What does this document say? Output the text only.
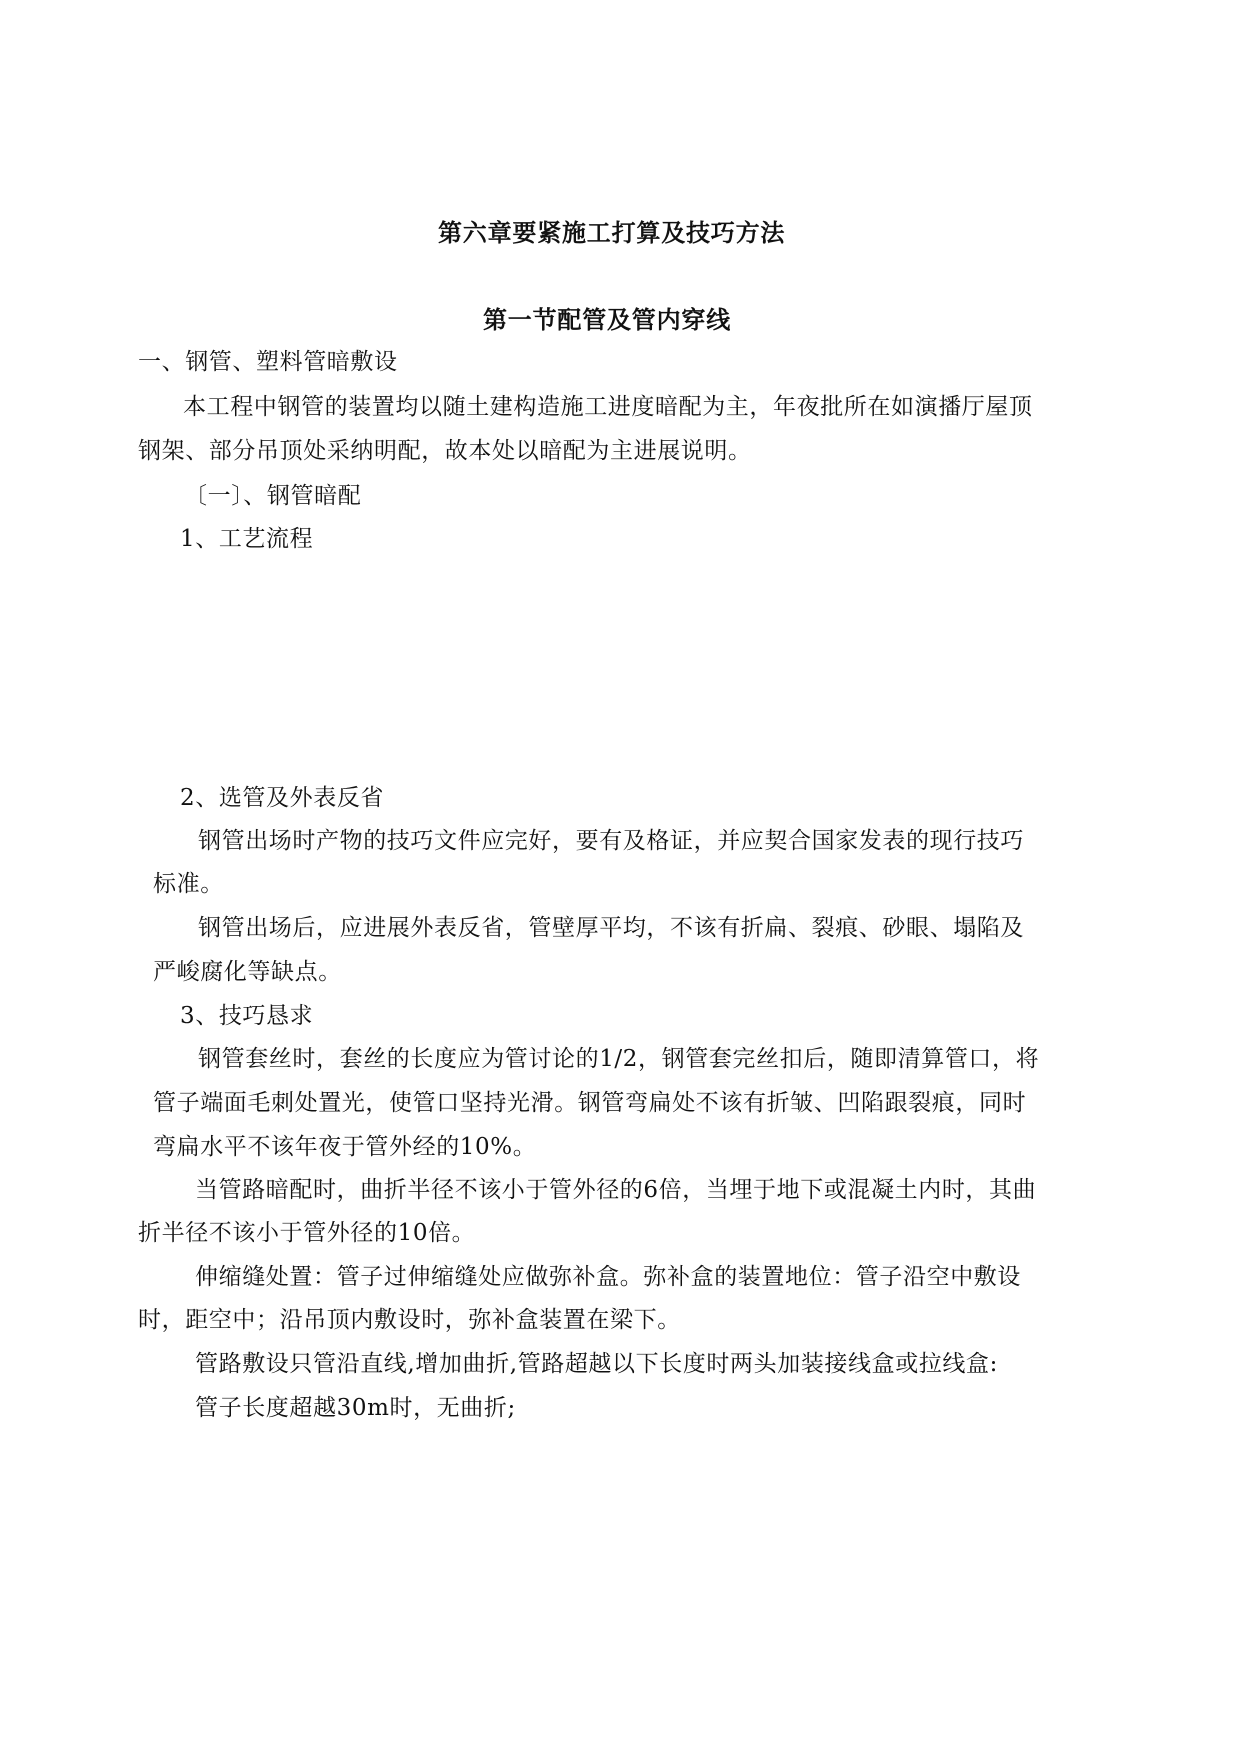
第六章要紧施工打算及技巧方法
第一节配管及管内穿线
一、钢管、塑料管暗敷设
本工程中钢管的装置均以随土建构造施工进度暗配为主，年夜批所在如演播厅屋顶
钢架、部分吊顶处采纳明配，故本处以暗配为主进展说明。
〔一〕、钢管暗配
1、工艺流程
2、选管及外表反省
钢管出场时产物的技巧文件应完好，要有及格证，并应契合国家发表的现行技巧
标准。
钢管出场后，应进展外表反省，管壁厚平均，不该有折扁、裂痕、砂眼、塌陷及
严峻腐化等缺点。
3、技巧恳求
钢管套丝时，套丝的长度应为管讨论的1/2，钢管套完丝扣后，随即清算管口，将
管子端面毛刺处置光，使管口坚持光滑。钢管弯扁处不该有折皱、凹陷跟裂痕，同时
弯扁水平不该年夜于管外经的10%。
当管路暗配时，曲折半径不该小于管外径的6倍，当埋于地下或混凝土内时，其曲
折半径不该小于管外径的10倍。
伸缩缝处置：管子过伸缩缝处应做弥补盒。弥补盒的装置地位：管子沿空中敷设
时，距空中；沿吊顶内敷设时，弥补盒装置在梁下。
管路敷设只管沿直线,增加曲折,管路超越以下长度时两头加装接线盒或拉线盒:
管子长度超越30m时，无曲折;
